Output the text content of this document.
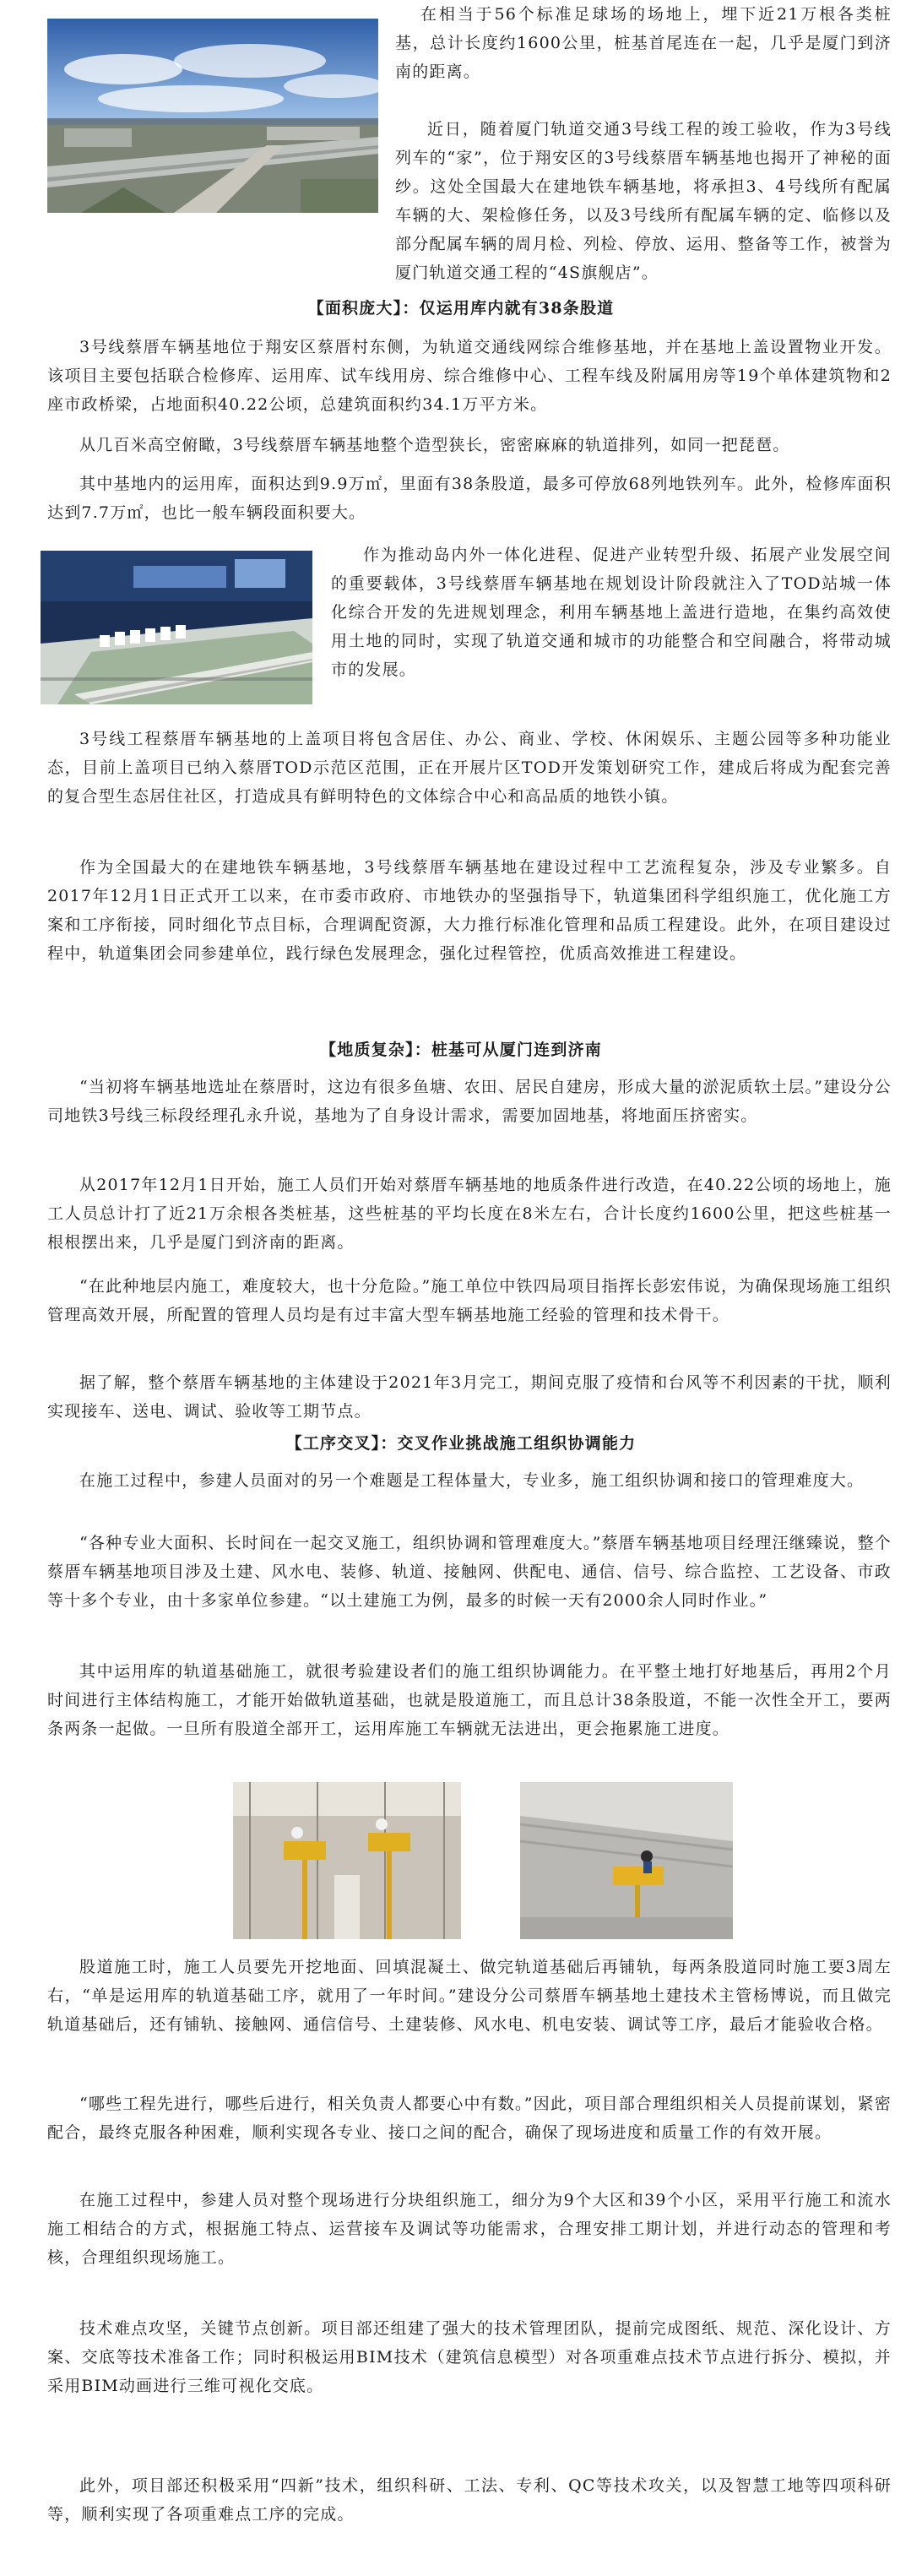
在相当于56个标准足球场的场地上，埋下近21万根各类桩基，总计长度约1600公里，桩基首尾连在一起，几乎是厦门到济南的距离。

近日，随着厦门轨道交通3号线工程的竣工验收，作为3号线列车的“家”，位于翔安区的3号线蔡厝车辆基地也揭开了神秘的面纱。这处全国最大在建地铁车辆基地，将承担3、4号线所有配属车辆的大、架检修任务，以及3号线所有配属车辆的定、临修以及部分配属车辆的周月检、列检、停放、运用、整备等工作，被誉为厦门轨道交通工程的“4S旗舰店”。

【面积庞大】：仅运用库内就有38条股道

3号线蔡厝车辆基地位于翔安区蔡厝村东侧，为轨道交通线网综合维修基地，并在基地上盖设置物业开发。该项目主要包括联合检修库、运用库、试车线用房、综合维修中心、工程车线及附属用房等19个单体建筑物和2座市政桥梁，占地面积40.22公顷，总建筑面积约34.1万平方米。

从几百米高空俯瞰，3号线蔡厝车辆基地整个造型狭长，密密麻麻的轨道排列，如同一把琵琶。

其中基地内的运用库，面积达到9.9万㎡，里面有38条股道，最多可停放68列地铁列车。此外，检修库面积达到7.7万㎡，也比一般车辆段面积要大。

作为推动岛内外一体化进程、促进产业转型升级、拓展产业发展空间的重要载体，3号线蔡厝车辆基地在规划设计阶段就注入了TOD站城一体化综合开发的先进规划理念，利用车辆基地上盖进行造地，在集约高效使用土地的同时，实现了轨道交通和城市的功能整合和空间融合，将带动城市的发展。

3号线工程蔡厝车辆基地的上盖项目将包含居住、办公、商业、学校、休闲娱乐、主题公园等多种功能业态，目前上盖项目已纳入蔡厝TOD示范区范围，正在开展片区TOD开发策划研究工作，建成后将成为配套完善的复合型生态居住社区，打造成具有鲜明特色的文体综合中心和高品质的地铁小镇。

作为全国最大的在建地铁车辆基地，3号线蔡厝车辆基地在建设过程中工艺流程复杂，涉及专业繁多。自2017年12月1日正式开工以来，在市委市政府、市地铁办的坚强指导下，轨道集团科学组织施工，优化施工方案和工序衔接，同时细化节点目标，合理调配资源，大力推行标准化管理和品质工程建设。此外，在项目建设过程中，轨道集团会同参建单位，践行绿色发展理念，强化过程管控，优质高效推进工程建设。

【地质复杂】：桩基可从厦门连到济南

“当初将车辆基地选址在蔡厝时，这边有很多鱼塘、农田、居民自建房，形成大量的淤泥质软土层。”建设分公司地铁3号线三标段经理孔永升说，基地为了自身设计需求，需要加固地基，将地面压挤密实。

从2017年12月1日开始，施工人员们开始对蔡厝车辆基地的地质条件进行改造，在40.22公顷的场地上，施工人员总计打了近21万余根各类桩基，这些桩基的平均长度在8米左右，合计长度约1600公里，把这些桩基一根根摆出来，几乎是厦门到济南的距离。

“在此种地层内施工，难度较大，也十分危险。”施工单位中铁四局项目指挥长彭宏伟说，为确保现场施工组织管理高效开展，所配置的管理人员均是有过丰富大型车辆基地施工经验的管理和技术骨干。

据了解，整个蔡厝车辆基地的主体建设于2021年3月完工，期间克服了疫情和台风等不利因素的干扰，顺利实现接车、送电、调试、验收等工期节点。

【工序交叉】：交叉作业挑战施工组织协调能力

在施工过程中，参建人员面对的另一个难题是工程体量大，专业多，施工组织协调和接口的管理难度大。

“各种专业大面积、长时间在一起交叉施工，组织协调和管理难度大。”蔡厝车辆基地项目经理汪继臻说，整个蔡厝车辆基地项目涉及土建、风水电、装修、轨道、接触网、供配电、通信、信号、综合监控、工艺设备、市政等十多个专业，由十多家单位参建。“以土建施工为例，最多的时候一天有2000余人同时作业。”

其中运用库的轨道基础施工，就很考验建设者们的施工组织协调能力。在平整土地打好地基后，再用2个月时间进行主体结构施工，才能开始做轨道基础，也就是股道施工，而且总计38条股道，不能一次性全开工，要两条两条一起做。一旦所有股道全部开工，运用库施工车辆就无法进出，更会拖累施工进度。

股道施工时，施工人员要先开挖地面、回填混凝土、做完轨道基础后再铺轨，每两条股道同时施工要3周左右，“单是运用库的轨道基础工序，就用了一年时间。”建设分公司蔡厝车辆基地土建技术主管杨博说，而且做完轨道基础后，还有铺轨、接触网、通信信号、土建装修、风水电、机电安装、调试等工序，最后才能验收合格。

“哪些工程先进行，哪些后进行，相关负责人都要心中有数。”因此，项目部合理组织相关人员提前谋划，紧密配合，最终克服各种困难，顺利实现各专业、接口之间的配合，确保了现场进度和质量工作的有效开展。

在施工过程中，参建人员对整个现场进行分块组织施工，细分为9个大区和39个小区，采用平行施工和流水施工相结合的方式，根据施工特点、运营接车及调试等功能需求，合理安排工期计划，并进行动态的管理和考核，合理组织现场施工。

技术难点攻坚，关键节点创新。项目部还组建了强大的技术管理团队，提前完成图纸、规范、深化设计、方案、交底等技术准备工作；同时积极运用BIM技术（建筑信息模型）对各项重难点技术节点进行拆分、模拟，并采用BIM动画进行三维可视化交底。

此外，项目部还积极采用“四新”技术，组织科研、工法、专利、QC等技术攻关，以及智慧工地等四项科研等，顺利实现了各项重难点工序的完成。
